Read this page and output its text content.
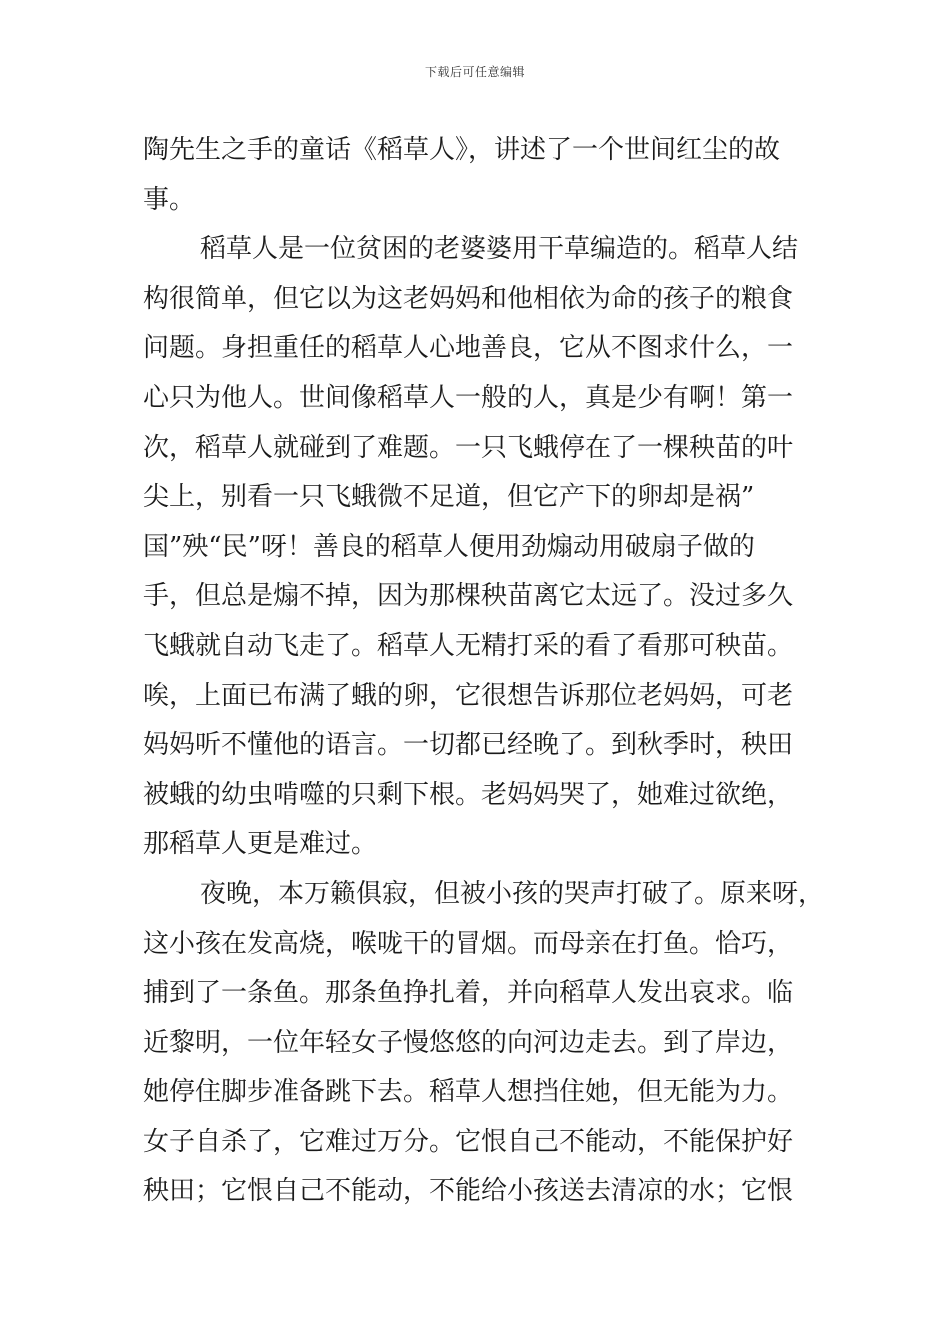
下载后可任意编辑
陶先生之手的童话《稻草人》，讲述了一个世间红尘的故
事。
稻草人是一位贫困的老婆婆用干草编造的。稻草人结
构很简单，但它以为这老妈妈和他相依为命的孩子的粮食
问题。身担重任的稻草人心地善良，它从不图求什么，一
心只为他人。世间像稻草人一般的人，真是少有啊！第一
次，稻草人就碰到了难题。一只飞蛾停在了一棵秧苗的叶
尖上，别看一只飞蛾微不足道，但它产下的卵却是祸”
国”殃“民”呀！善良的稻草人便用劲煽动用破扇子做的
手，但总是煽不掉，因为那棵秧苗离它太远了。没过多久
飞蛾就自动飞走了。稻草人无精打采的看了看那可秧苗。
唉，上面已布满了蛾的卵，它很想告诉那位老妈妈，可老
妈妈听不懂他的语言。一切都已经晚了。到秋季时，秧田
被蛾的幼虫啃噬的只剩下根。老妈妈哭了，她难过欲绝，
那稻草人更是难过。
夜晚，本万籁俱寂，但被小孩的哭声打破了。原来呀，
这小孩在发高烧，喉咙干的冒烟。而母亲在打鱼。恰巧，
捕到了一条鱼。那条鱼挣扎着，并向稻草人发出哀求。临
近黎明，一位年轻女子慢悠悠的向河边走去。到了岸边，
她停住脚步准备跳下去。稻草人想挡住她，但无能为力。
女子自杀了，它难过万分。它恨自己不能动，不能保护好
秧田；它恨自己不能动，不能给小孩送去清凉的水；它恨
